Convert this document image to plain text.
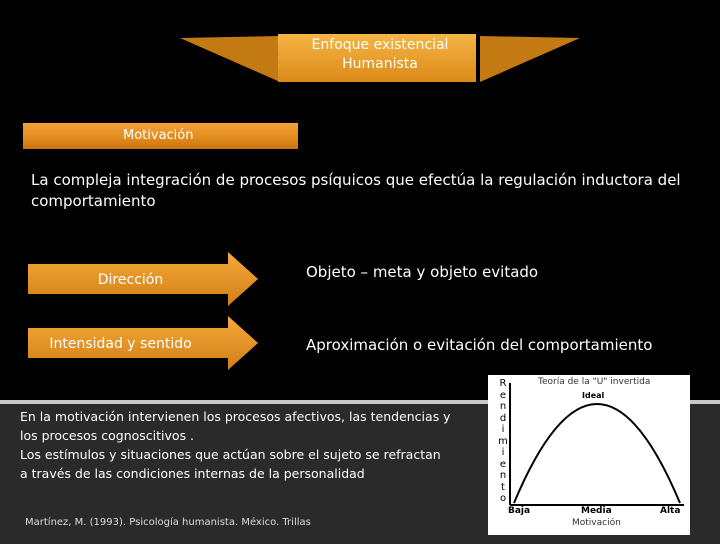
Enfoque existencial
Humanista
Motivación
La compleja integración de procesos psíquicos que efectúa la regulación inductora del comportamiento
Dirección	Objeto – meta y objeto evitado
Intensidad y sentido	Aproximación o evitación del comportamiento
En la motivación intervienen los procesos afectivos, las tendencias y
los procesos cognoscitivos .
Los estímulos y situaciones que actúan sobre el sujeto se refractan
a través de las condiciones internas de la personalidad
Martínez, M. (1993). Psicología humanista. México. Trillas
R
e
n
d
i
m
i
e
n
t
o
Teoría de la "U" invertida
Ideal
Baja	Media	Alta
Motivación
